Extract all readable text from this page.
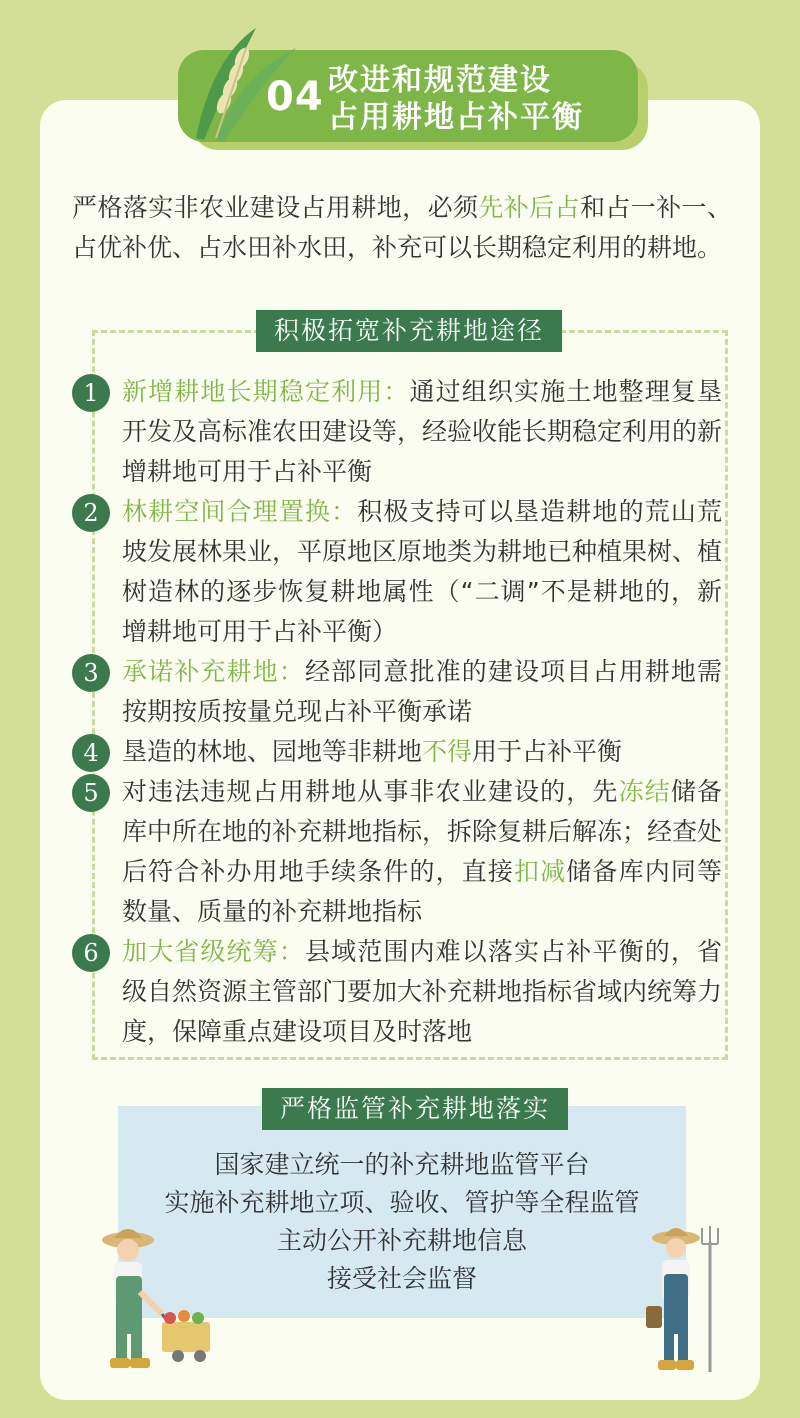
04 改进和规范建设
占用耕地占补平衡
严格落实非农业建设占用耕地，必须先补后占和占一补一、占优补优、占水田补水田，补充可以长期稳定利用的耕地。
积极拓宽补充耕地途径
1 新增耕地长期稳定利用：通过组织实施土地整理复垦开发及高标准农田建设等，经验收能长期稳定利用的新增耕地可用于占补平衡
2 林耕空间合理置换：积极支持可以垦造耕地的荒山荒坡发展林果业，平原地区原地类为耕地已种植果树、植树造林的逐步恢复耕地属性（“二调”不是耕地的，新增耕地可用于占补平衡）
3 承诺补充耕地：经部同意批准的建设项目占用耕地需按期按质按量兑现占补平衡承诺
4 垦造的林地、园地等非耕地不得用于占补平衡
5 对违法违规占用耕地从事非农业建设的，先冻结储备库中所在地的补充耕地指标，拆除复耕后解冻；经查处后符合补办用地手续条件的，直接扣减储备库内同等数量、质量的补充耕地指标
6 加大省级统筹：县域范围内难以落实占补平衡的，省级自然资源主管部门要加大补充耕地指标省域内统筹力度，保障重点建设项目及时落地
严格监管补充耕地落实
国家建立统一的补充耕地监管平台
实施补充耕地立项、验收、管护等全程监管
主动公开补充耕地信息
接受社会监督
